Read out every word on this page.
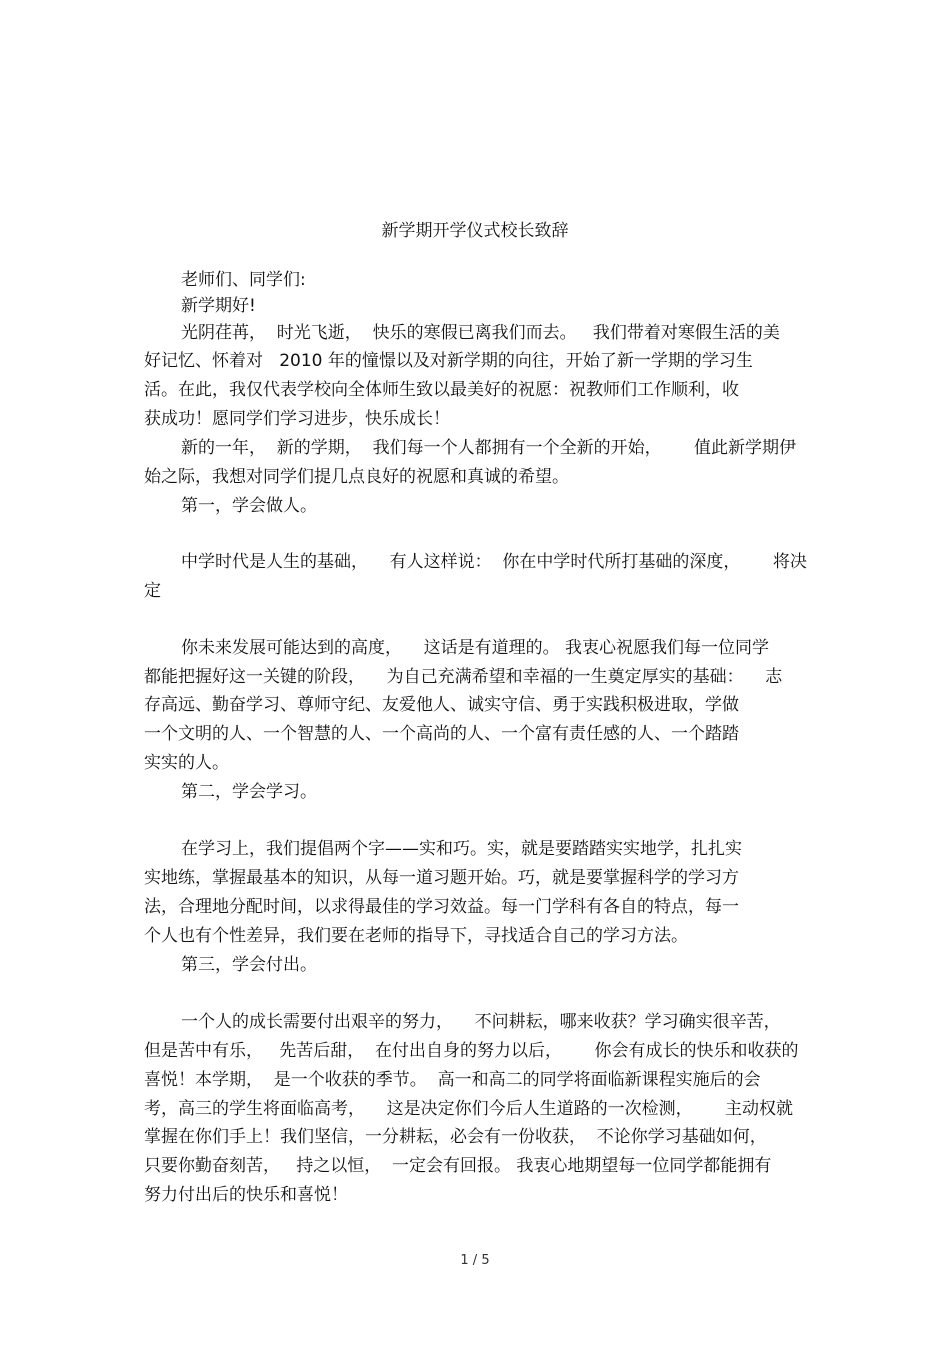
新学期开学仪式校长致辞
老师们、同学们:
新学期好!
光阴荏苒，  时光飞逝，  快乐的寒假已离我们而去。   我们带着对寒假生活的美
好记忆、怀着对   2010 年的憧憬以及对新学期的向往，开始了新一学期的学习生
活。在此，我仅代表学校向全体师生致以最美好的祝愿：祝教师们工作顺利，收
获成功！愿同学们学习进步，快乐成长！
新的一年，  新的学期，  我们每一个人都拥有一个全新的开始，      值此新学期伊
始之际，我想对同学们提几点良好的祝愿和真诚的希望。
第一，学会做人。
中学时代是人生的基础，    有人这样说：  你在中学时代所打基础的深度，      将决
定
你未来发展可能达到的高度，    这话是有道理的。 我衷心祝愿我们每一位同学
都能把握好这一关键的阶段，    为自己充满希望和幸福的一生奠定厚实的基础：    志
存高远、勤奋学习、尊师守纪、友爱他人、诚实守信、勇于实践积极进取，学做
一个文明的人、一个智慧的人、一个高尚的人、一个富有责任感的人、一个踏踏
实实的人。
第二，学会学习。
在学习上，我们提倡两个字——实和巧。实，就是要踏踏实实地学，扎扎实
实地练，掌握最基本的知识，从每一道习题开始。巧，就是要掌握科学的学习方
法，合理地分配时间，以求得最佳的学习效益。每一门学科有各自的特点，每一
个人也有个性差异，我们要在老师的指导下，寻找适合自己的学习方法。
第三，学会付出。
一个人的成长需要付出艰辛的努力，    不问耕耘，哪来收获？学习确实很辛苦，
但是苦中有乐，   先苦后甜，  在付出自身的努力以后，      你会有成长的快乐和收获的
喜悦！本学期，  是一个收获的季节。  高一和高二的同学将面临新课程实施后的会
考，高三的学生将面临高考，    这是决定你们今后人生道路的一次检测，      主动权就
掌握在你们手上！我们坚信，一分耕耘，必会有一份收获，  不论你学习基础如何，
只要你勤奋刻苦，   持之以恒，  一定会有回报。 我衷心地期望每一位同学都能拥有
努力付出后的快乐和喜悦！
1 / 5
